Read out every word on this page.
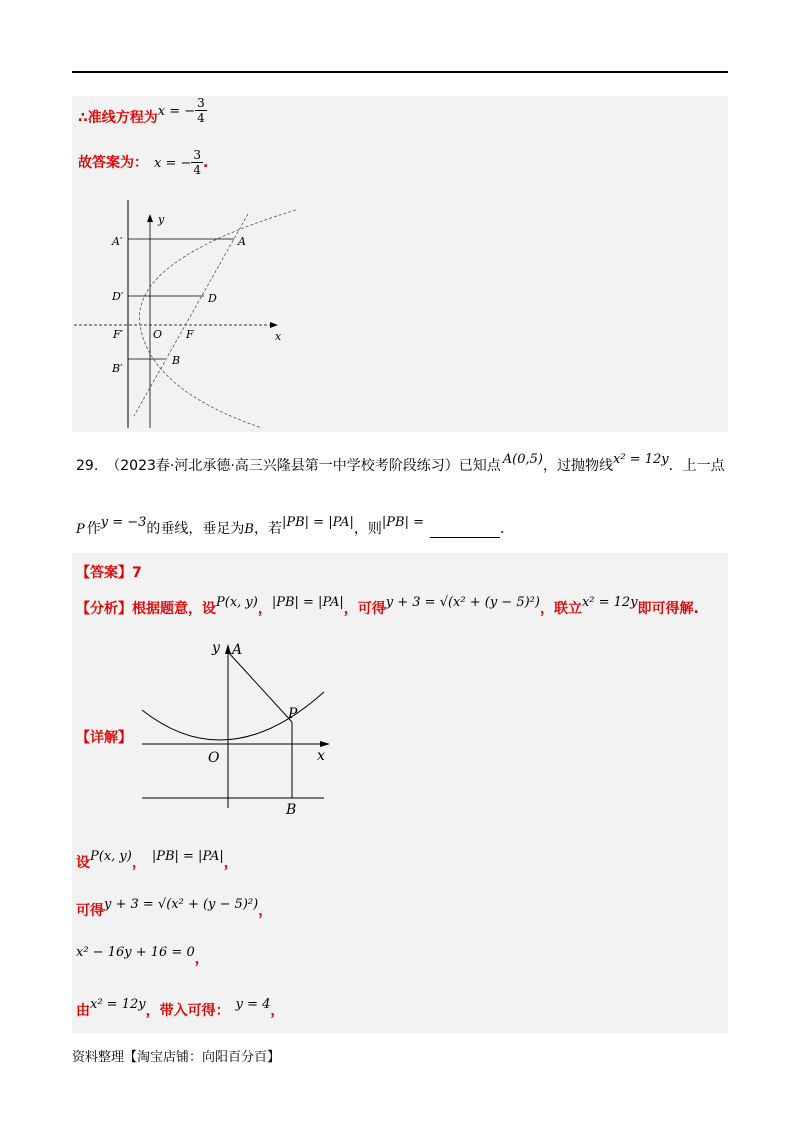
∴准线方程为$^{x = -} \frac{3}{4}$
故答案为： x = − $\frac{3}{4}$ .
y
x
A′	A
D′	D
F′	O F
B′
B
29. （2023春·河北承德·高三兴隆县第一中学校考阶段练习）已知点 $^{A(0,5)}$，过抛物线$^{x^2 = 12y}$．上一点
P 作$^{y = -3}$的垂线，垂足为B，若$^{|PB| = |PA|}$，则$^{|PB| =}$	．
【答案】7
【分析】根据题意，设$^{P(x, y)}$，$^{|PB| = |PA|}$，可得$^{y + 3 = √(x^2 + (y - 5)^2)}$，联立$^{x^2 = 12y}$即可得解.
y A
P
O	x
B
【详解】
设$^{P(x, y)}$， $^{|PB| = |PA|}$，
可得$^{y + 3 = √(x^2 + (y - 5)^2)}$，
$^{x^2 - 16y + 16 = 0}$，
由$^{x^2 = 12y}$，带入可得： $^{y = 4}$，
资料整理【淘宝店铺：向阳百分百】
